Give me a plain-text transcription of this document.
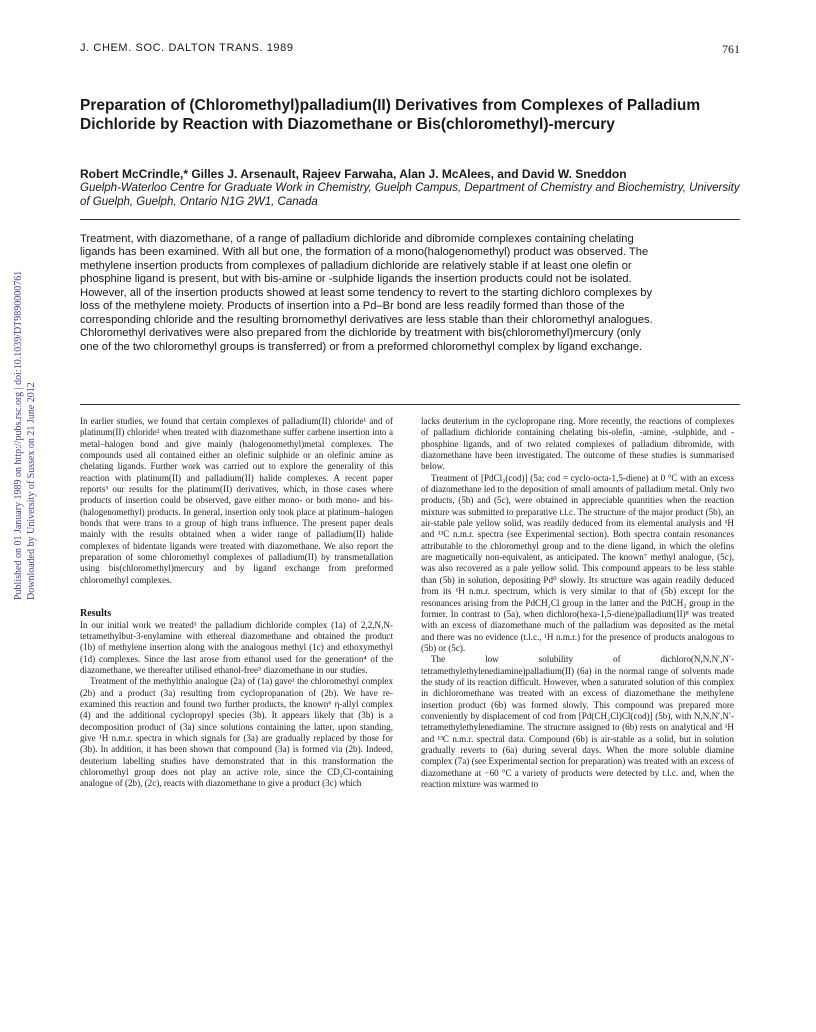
J. CHEM. SOC. DALTON TRANS. 1989	761
Published on 01 January 1989 on http://pubs.rsc.org | doi:10.1039/DT9890000761 Downloaded by University of Sussex on 21 June 2012
Preparation of (Chloromethyl)palladium(II) Derivatives from Complexes of Palladium Dichloride by Reaction with Diazomethane or Bis(chloromethyl)-mercury
Robert McCrindle,* Gilles J. Arsenault, Rajeev Farwaha, Alan J. McAlees, and David W. Sneddon
Guelph-Waterloo Centre for Graduate Work in Chemistry, Guelph Campus, Department of Chemistry and Biochemistry, University of Guelph, Guelph, Ontario N1G 2W1, Canada
Treatment, with diazomethane, of a range of palladium dichloride and dibromide complexes containing chelating ligands has been examined. With all but one, the formation of a mono(halogenomethyl) product was observed. The methylene insertion products from complexes of palladium dichloride are relatively stable if at least one olefin or phosphine ligand is present, but with bis-amine or -sulphide ligands the insertion products could not be isolated. However, all of the insertion products showed at least some tendency to revert to the starting dichloro complexes by loss of the methylene moiety. Products of insertion into a Pd–Br bond are less readily formed than those of the corresponding chloride and the resulting bromomethyl derivatives are less stable than their chloromethyl analogues. Chloromethyl derivatives were also prepared from the dichloride by treatment with bis(chloromethyl)mercury (only one of the two chloromethyl groups is transferred) or from a preformed chloromethyl complex by ligand exchange.

In earlier studies, we found that certain complexes of palladium(II) chloride¹ and of platinum(II) chloride² when treated with diazomethane suffer carbene insertion into a metal–halogen bond and give mainly (halogenomethyl)metal complexes. The compounds used all contained either an olefinic sulphide or an olefinic amine as chelating ligands. Further work was carried out to explore the generality of this reaction with platinum(II) and palladium(II) halide complexes. A recent paper reports³ our results for the platinum(II) derivatives, which, in those cases where products of insertion could be observed, gave either mono- or both mono- and bis-(halogenomethyl) products. In general, insertion only took place at platinum–halogen bonds that were trans to a group of high trans influence. The present paper deals mainly with the results obtained when a wider range of palladium(II) halide complexes of bidentate ligands were treated with diazomethane. We also report the preparation of some chloromethyl complexes of palladium(II) by transmetallation using bis(chloromethyl)mercury and by ligand exchange from preformed chloromethyl complexes.

Results

In our initial work we treated¹ the palladium dichloride complex (1a) of 2,2,N,N-tetramethylbut-3-enylamine with ethereal diazomethane and obtained the product (1b) of methylene insertion along with the analogous methyl (1c) and ethoxymethyl (1d) complexes. Since the last arose from ethanol used for the generation⁴ of the diazomethane, we thereafter utilised ethanol-free⁵ diazomethane in our studies.

Treatment of the methylthio analogue (2a) of (1a) gave¹ the chloromethyl complex (2b) and a product (3a) resulting from cyclopropanation of (2b). We have re-examined this reaction and found two further products, the known⁶ η-allyl complex (4) and the additional cyclopropyl species (3b). It appears likely that (3b) is a decomposition product of (3a) since solutions containing the latter, upon standing, give ¹H n.m.r. spectra in which signals for (3a) are gradually replaced by those for (3b). In addition, it has been shown that compound (3a) is formed via (2b). Indeed, deuterium labelling studies have demonstrated that in this transformation the chloromethyl group does not play an active role, since the CD₂Cl-containing analogue of (2b), (2c), reacts with diazomethane to give a product (3c) which

lacks deuterium in the cyclopropane ring. More recently, the reactions of complexes of palladium dichloride containing chelating bis-olefin, -amine, -sulphide, and -phosphine ligands, and of two related complexes of palladium dibromide, with diazomethane have been investigated. The outcome of these studies is summarised below.

Treatment of [PdCl₂(cod)] (5a; cod = cyclo-octa-1,5-diene) at 0 °C with an excess of diazomethane led to the deposition of small amounts of palladium metal. Only two products, (5b) and (5c), were obtained in appreciable quantities when the reaction mixture was submitted to preparative t.l.c. The structure of the major product (5b), an air-stable pale yellow solid, was readily deduced from its elemental analysis and ¹H and ¹³C n.m.r. spectra (see Experimental section). Both spectra contain resonances attributable to the chloromethyl group and to the diene ligand, in which the olefins are magnetically non-equivalent, as anticipated. The known⁷ methyl analogue, (5c), was also recovered as a pale yellow solid. This compound appears to be less stable than (5b) in solution, depositing Pd⁰ slowly. Its structure was again readily deduced from its ¹H n.m.r. spectrum, which is very similar to that of (5b) except for the resonances arising from the PdCH₂Cl group in the latter and the PdCH₃ group in the former. In contrast to (5a), when dichloro(hexa-1,5-diene)palladium(II)⁸ was treated with an excess of diazomethane much of the palladium was deposited as the metal and there was no evidence (t.l.c., ¹H n.m.r.) for the presence of products analogous to (5b) or (5c).

The low solubility of dichloro(N,N,N′,N′-tetramethylethylenediamine)palladium(II) (6a) in the normal range of solvents made the study of its reaction difficult. However, when a saturated solution of this complex in dichloromethane was treated with an excess of diazomethane the methylene insertion product (6b) was formed slowly. This compound was prepared more conveniently by displacement of cod from [Pd(CH₂Cl)Cl(cod)] (5b), with N,N,N′,N′-tetramethylethylenediamine. The structure assigned to (6b) rests on analytical and ¹H and ¹³C n.m.r. spectral data. Compound (6b) is air-stable as a solid, but in solution gradually reverts to (6a) during several days. When the more soluble diamine complex (7a) (see Experimental section for preparation) was treated with an excess of diazomethane at −60 °C a variety of products were detected by t.l.c. and, when the reaction mixture was warmed to
